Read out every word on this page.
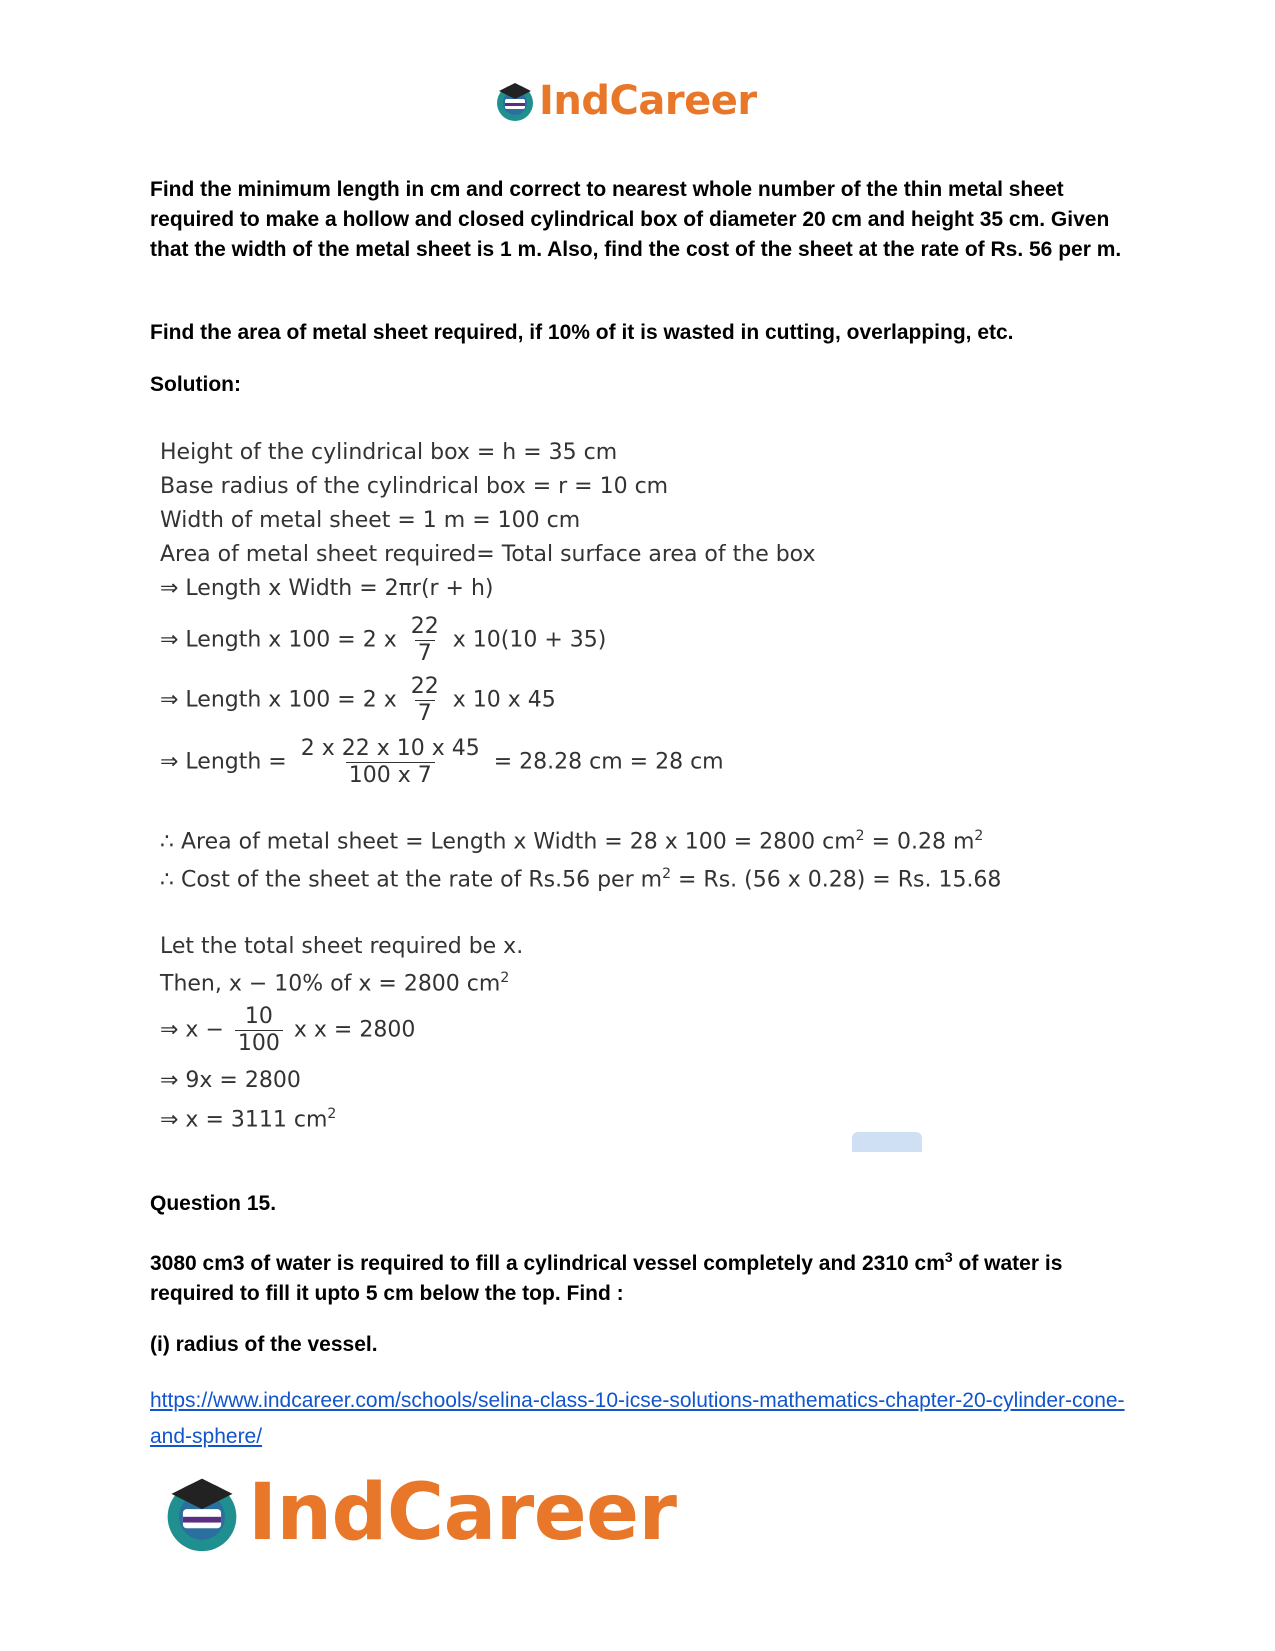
IndCareer
Find the minimum length in cm and correct to nearest whole number of the thin metal sheet required to make a hollow and closed cylindrical box of diameter 20 cm and height 35 cm. Given that the width of the metal sheet is 1 m. Also, find the cost of the sheet at the rate of Rs. 56 per m.
Find the area of metal sheet required, if 10% of it is wasted in cutting, overlapping, etc.
Solution:
Height of the cylindrical box = h = 35 cm
Base radius of the cylindrical box = r = 10 cm
Width of metal sheet = 1 m = 100 cm
Area of metal sheet required= Total surface area of the box
⇒ Length x Width = 2πr(r + h)
⇒ Length x 100 = 2 x $\frac{22}{7}$ x 10(10 + 35)
⇒ Length x 100 = 2 x $\frac{22}{7}$ x 10 x 45
⇒ Length = $\frac{2 x 22 x 10 x 45}{100 x 7} = 28.28$ cm = 28 cm
∴ Area of metal sheet = Length x Width = 28 x 100 = 2800 $cm^2 = 0.28$ $m^2$
∴ Cost of the sheet at the rate of Rs.56 per $m^2 = Rs$. (56 x 0.28) = Rs. 15.68
Let the total sheet required be x.
Then, x − 10% of x = 2800 $cm^2$
⇒ $x - \frac{10}{100}$ x x = 2800
⇒ 9x = 2800
⇒ x = 3111 $cm^2$
Question 15.
3080 cm3 of water is required to fill a cylindrical vessel completely and 2310 $cm^3$ of water is required to fill it upto 5 cm below the top. Find :
(i) radius of the vessel.
https://www.indcareer.com/schools/selina-class-10-icse-solutions-mathematics-chapter-20-cylinder-cone-and-sphere/
IndCareer
